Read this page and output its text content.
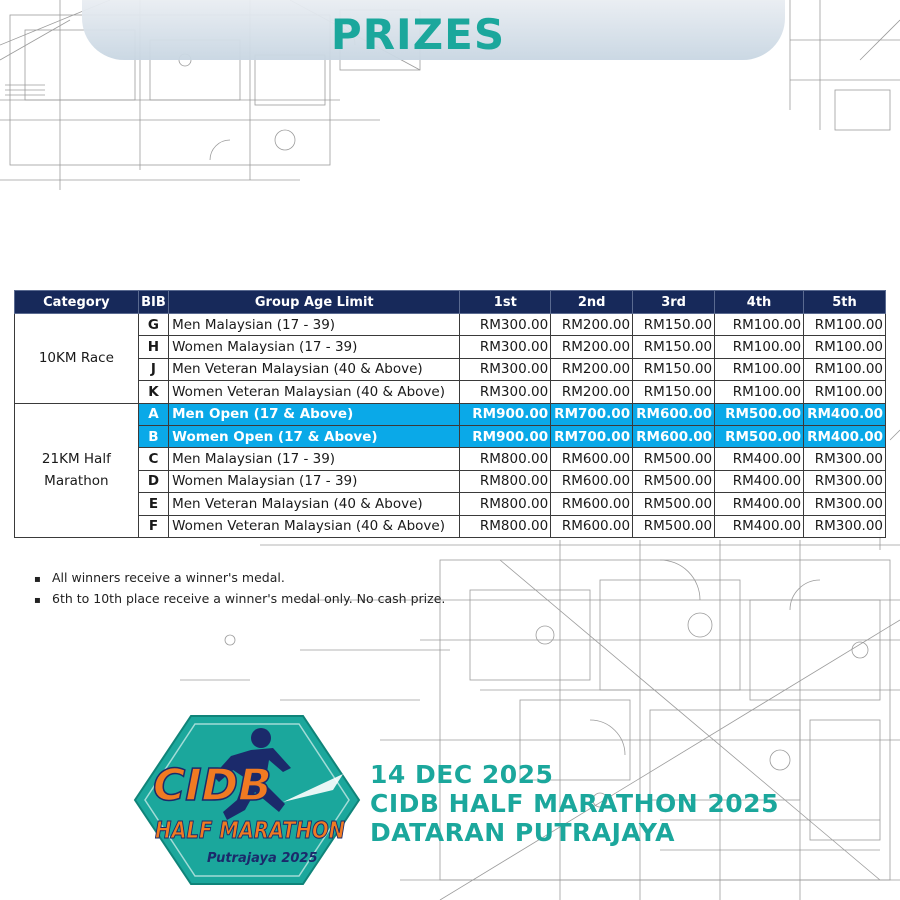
PRIZES
Category	BIB	Group Age Limit	1st	2nd	3rd	4th	5th
10KM Race	G	Men Malaysian (17 - 39)	RM300.00	RM200.00	RM150.00	RM100.00	RM100.00
	H	Women Malaysian (17 - 39)	RM300.00	RM200.00	RM150.00	RM100.00	RM100.00
	J	Men Veteran Malaysian (40 & Above)	RM300.00	RM200.00	RM150.00	RM100.00	RM100.00
	K	Women Veteran Malaysian (40 & Above)	RM300.00	RM200.00	RM150.00	RM100.00	RM100.00
21KM Half Marathon	A	Men Open (17 & Above)	RM900.00	RM700.00	RM600.00	RM500.00	RM400.00
	B	Women Open (17 & Above)	RM900.00	RM700.00	RM600.00	RM500.00	RM400.00
	C	Men Malaysian (17 - 39)	RM800.00	RM600.00	RM500.00	RM400.00	RM300.00
	D	Women Malaysian (17 - 39)	RM800.00	RM600.00	RM500.00	RM400.00	RM300.00
	E	Men Veteran Malaysian (40 & Above)	RM800.00	RM600.00	RM500.00	RM400.00	RM300.00
	F	Women Veteran Malaysian (40 & Above)	RM800.00	RM600.00	RM500.00	RM400.00	RM300.00
▪ All winners receive a winner's medal.
▪ 6th to 10th place receive a winner's medal only. No cash prize.
CIDB
HALF MARATHON
Putrajaya 2025
14 DEC 2025
CIDB HALF MARATHON 2025
DATARAN PUTRAJAYA
